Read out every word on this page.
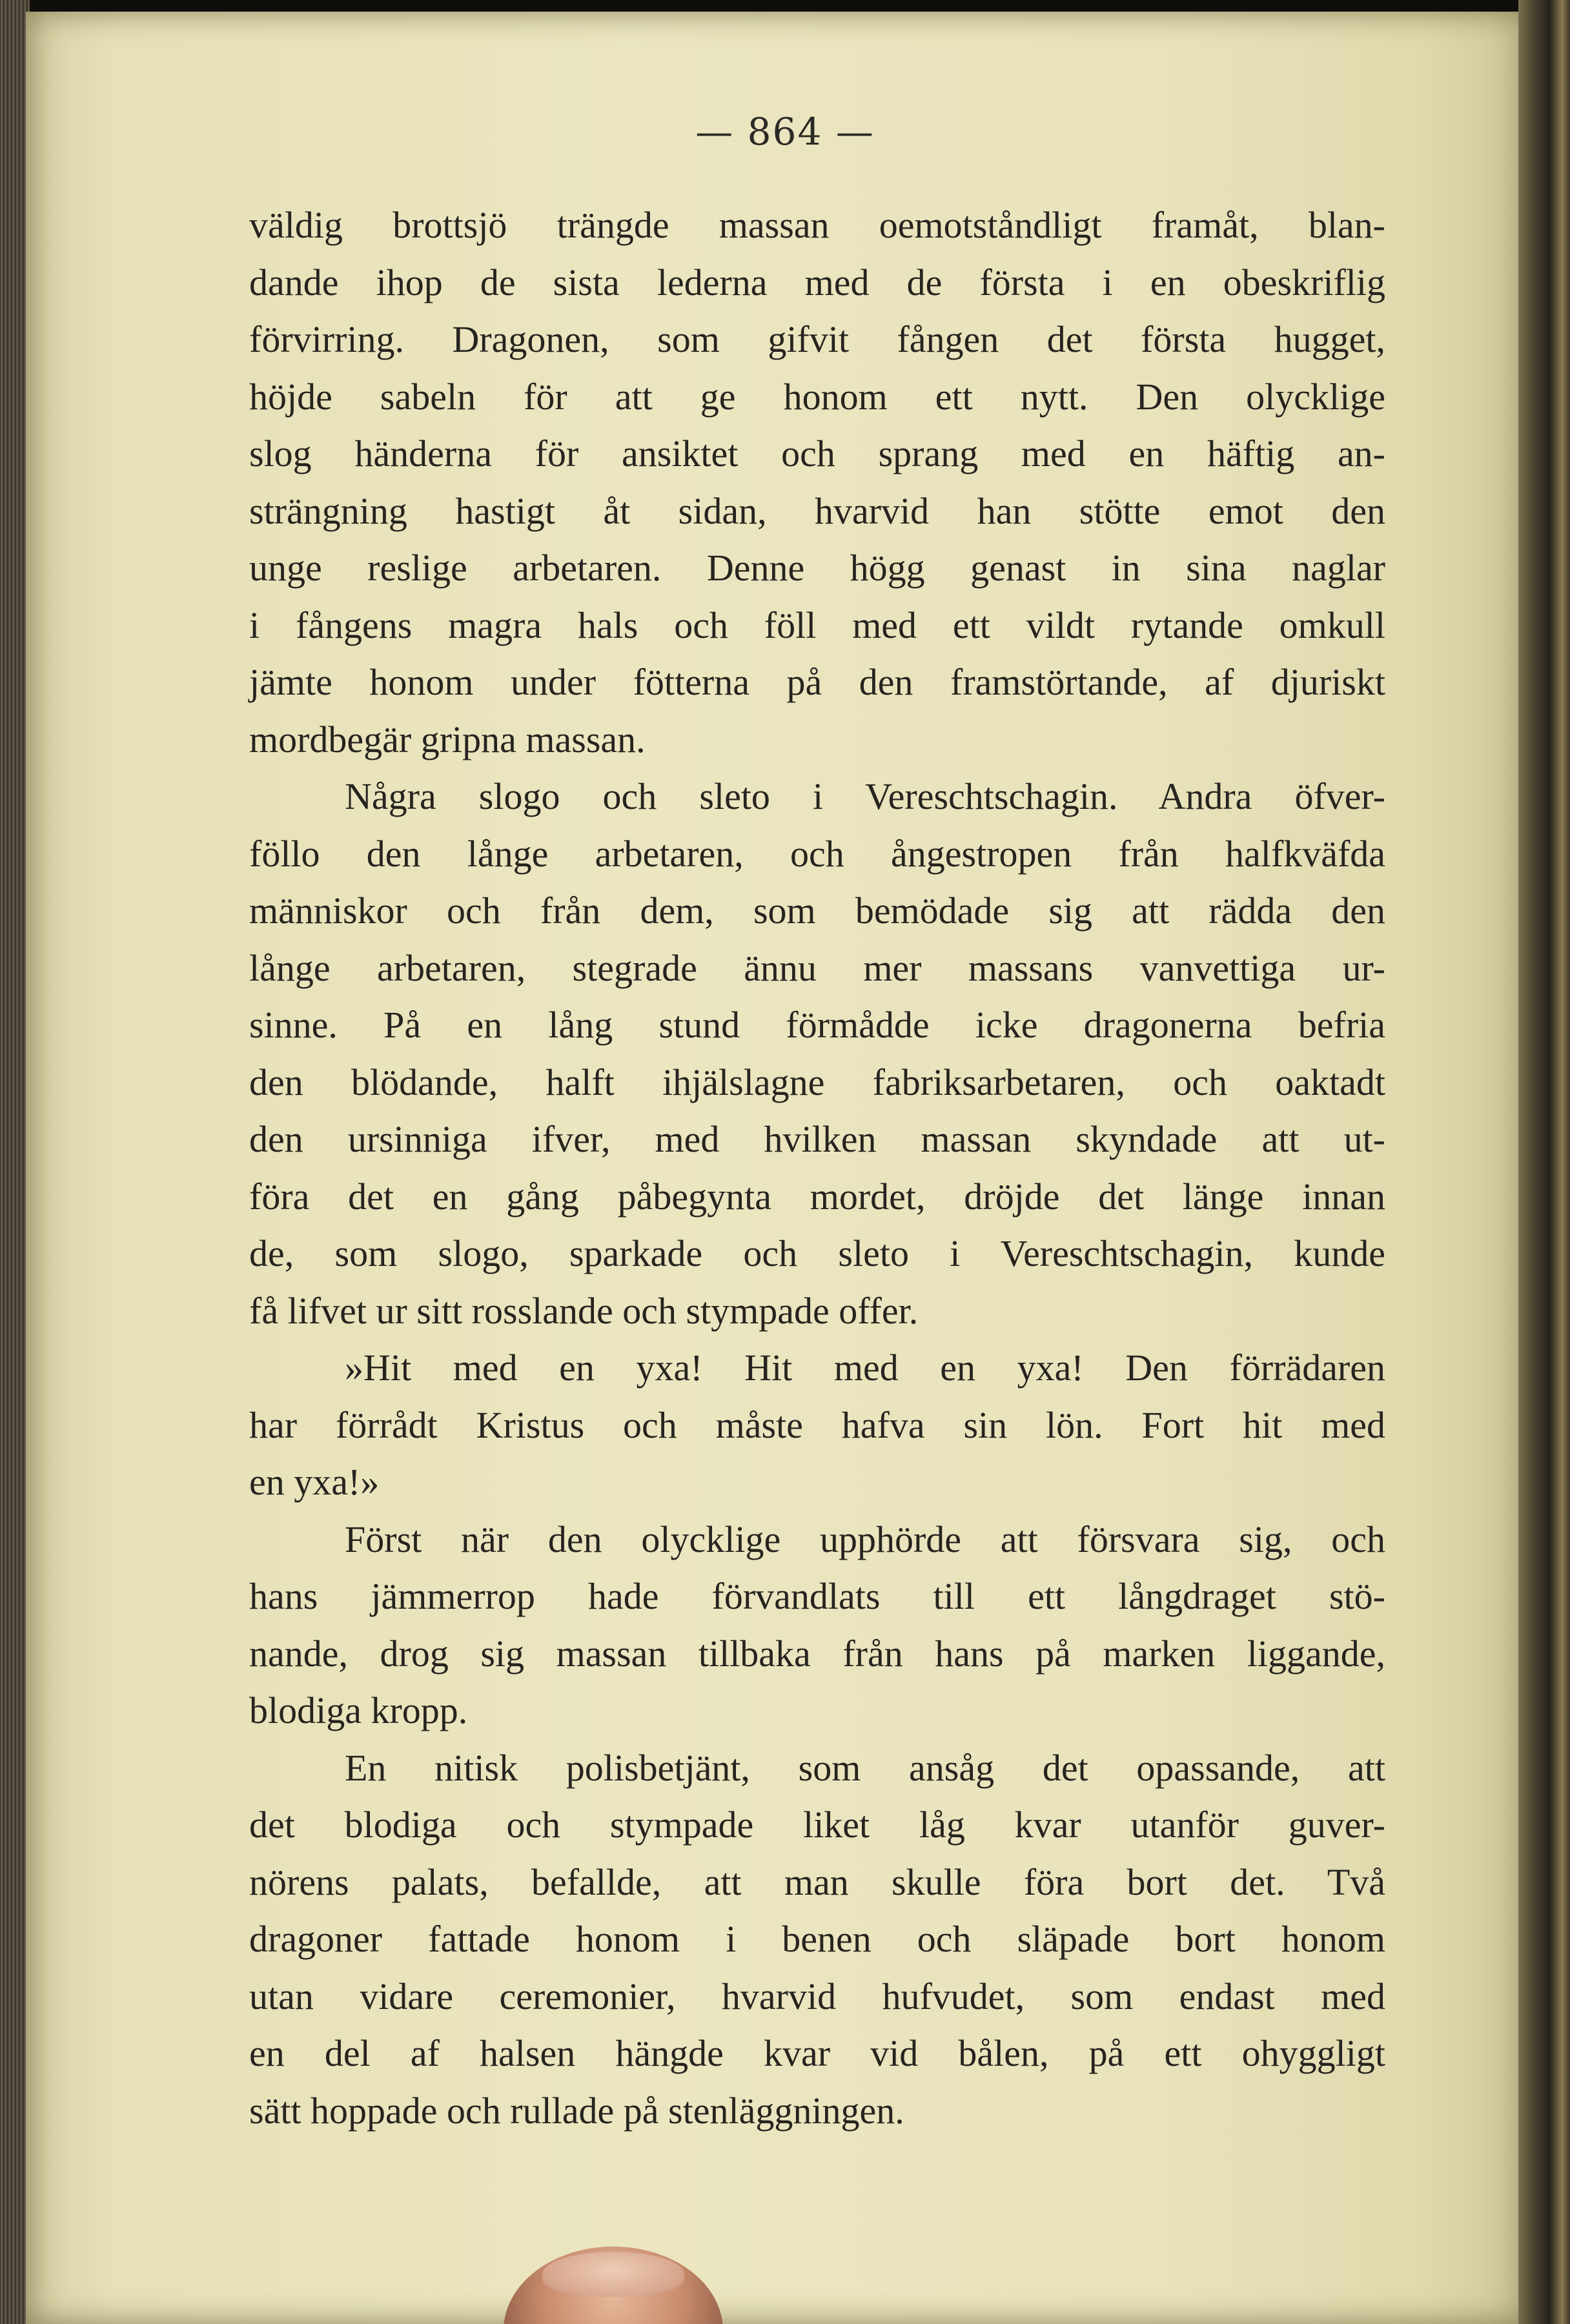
— 864 —
väldig brottsjö trängde massan oemotståndligt framåt, blan-
dande ihop de sista lederna med de första i en obeskriflig
förvirring. Dragonen, som gifvit fången det första hugget,
höjde sabeln för att ge honom ett nytt. Den olycklige
slog händerna för ansiktet och sprang med en häftig an-
strängning hastigt åt sidan, hvarvid han stötte emot den
unge reslige arbetaren. Denne högg genast in sina naglar
i fångens magra hals och föll med ett vildt rytande omkull
jämte honom under fötterna på den framstörtande, af djuriskt
mordbegär gripna massan.
Några slogo och sleto i Vereschtschagin. Andra öfver-
föllo den långe arbetaren, och ångestropen från halfkväfda
människor och från dem, som bemödade sig att rädda den
långe arbetaren, stegrade ännu mer massans vanvettiga ur-
sinne. På en lång stund förmådde icke dragonerna befria
den blödande, halft ihjälslagne fabriksarbetaren, och oaktadt
den ursinniga ifver, med hvilken massan skyndade att ut-
föra det en gång påbegynta mordet, dröjde det länge innan
de, som slogo, sparkade och sleto i Vereschtschagin, kunde
få lifvet ur sitt rosslande och stympade offer.
»Hit med en yxa! Hit med en yxa! Den förrädaren
har förrådt Kristus och måste hafva sin lön. Fort hit med
en yxa!»
Först när den olycklige upphörde att försvara sig, och
hans jämmerrop hade förvandlats till ett långdraget stö-
nande, drog sig massan tillbaka från hans på marken liggande,
blodiga kropp.
En nitisk polisbetjänt, som ansåg det opassande, att
det blodiga och stympade liket låg kvar utanför guver-
nörens palats, befallde, att man skulle föra bort det. Två
dragoner fattade honom i benen och släpade bort honom
utan vidare ceremonier, hvarvid hufvudet, som endast med
en del af halsen hängde kvar vid bålen, på ett ohyggligt
sätt hoppade och rullade på stenläggningen.
